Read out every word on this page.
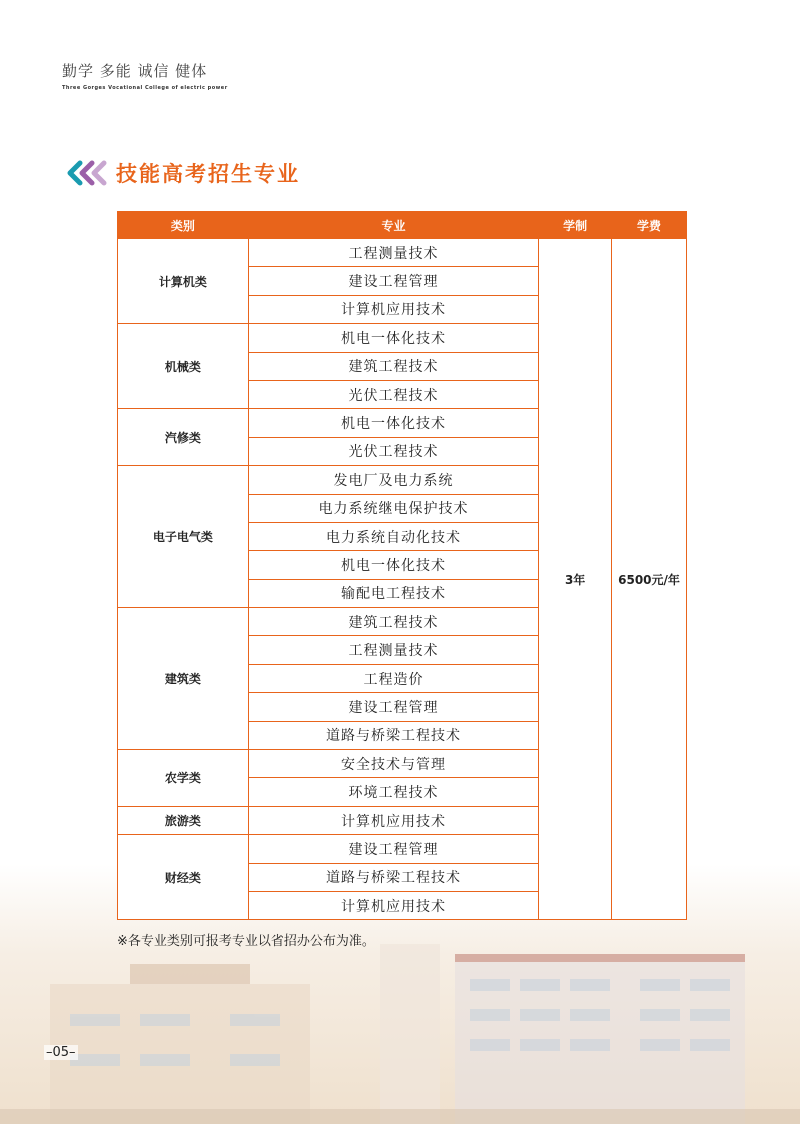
勤学 多能 诚信 健体
Three Gorges Vocational College of electric power
技能高考招生专业
类别	专业	学制	学费
计算机类	工程测量技术	3年	6500元/年
	建设工程管理		
	计算机应用技术		
机械类	机电一体化技术		
	建筑工程技术		
	光伏工程技术		
汽修类	机电一体化技术		
	光伏工程技术		
电子电气类	发电厂及电力系统		
	电力系统继电保护技术		
	电力系统自动化技术		
	机电一体化技术		
	输配电工程技术		
建筑类	建筑工程技术		
	工程测量技术		
	工程造价		
	建设工程管理		
	道路与桥梁工程技术		
农学类	安全技术与管理		
	环境工程技术		
旅游类	计算机应用技术		
财经类	建设工程管理		
	道路与桥梁工程技术		
	计算机应用技术		
※各专业类别可报考专业以省招办公布为准。
–05–
